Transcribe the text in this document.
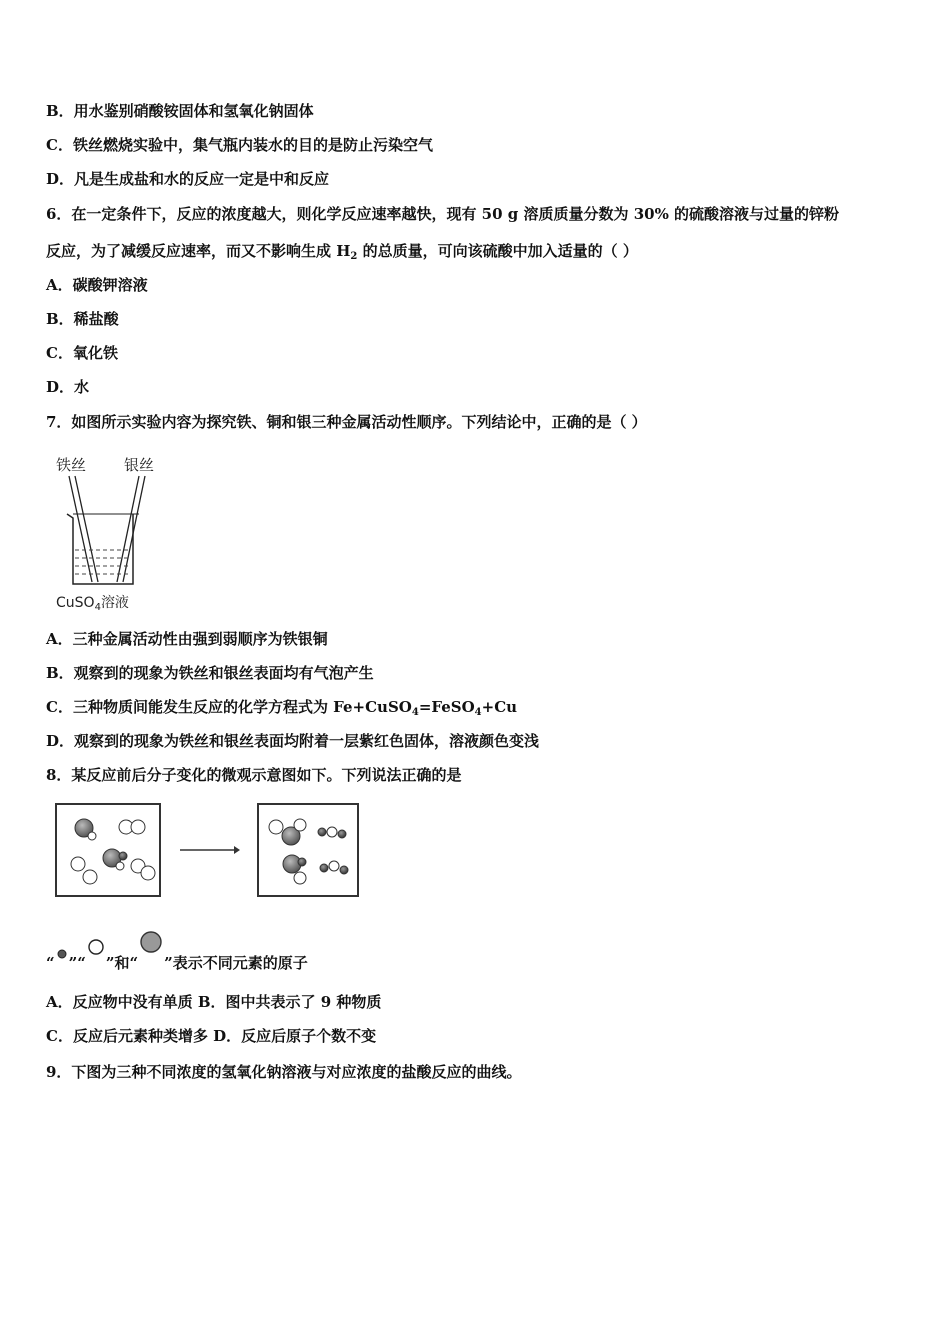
B．用水鉴别硝酸铵固体和氢氧化钠固体
C．铁丝燃烧实验中，集气瓶内装水的目的是防止污染空气
D．凡是生成盐和水的反应一定是中和反应
6．在一定条件下，反应的浓度越大，则化学反应速率越快，现有 50 g 溶质质量分数为 30% 的硫酸溶液与过量的锌粉
反应，为了减缓反应速率，而又不影响生成 $H_2$ 的总质量，可向该硫酸中加入适量的（ ）
A．碳酸钾溶液
B．稀盐酸
C．氧化铁
D．水
7．如图所示实验内容为探究铁、铜和银三种金属活动性顺序。下列结论中，正确的是（ ）
铁丝	银丝
CuSO$_4$溶液
A．三种金属活动性由强到弱顺序为铁银铜
B．观察到的现象为铁丝和银丝表面均有气泡产生
C．三种物质间能发生反应的化学方程式为 Fe+CuSO$_4$=FeSO$_4$+Cu
D．观察到的现象为铁丝和银丝表面均附着一层紫红色固体，溶液颜色变浅
8．某反应前后分子变化的微观示意图如下。下列说法正确的是
“ ”“ ”和“ ”表示不同元素的原子
A．反应物中没有单质 B．图中共表示了 9 种物质
C．反应后元素种类增多 D．反应后原子个数不变
9．下图为三种不同浓度的氢氧化钠溶液与对应浓度的盐酸反应的曲线。
